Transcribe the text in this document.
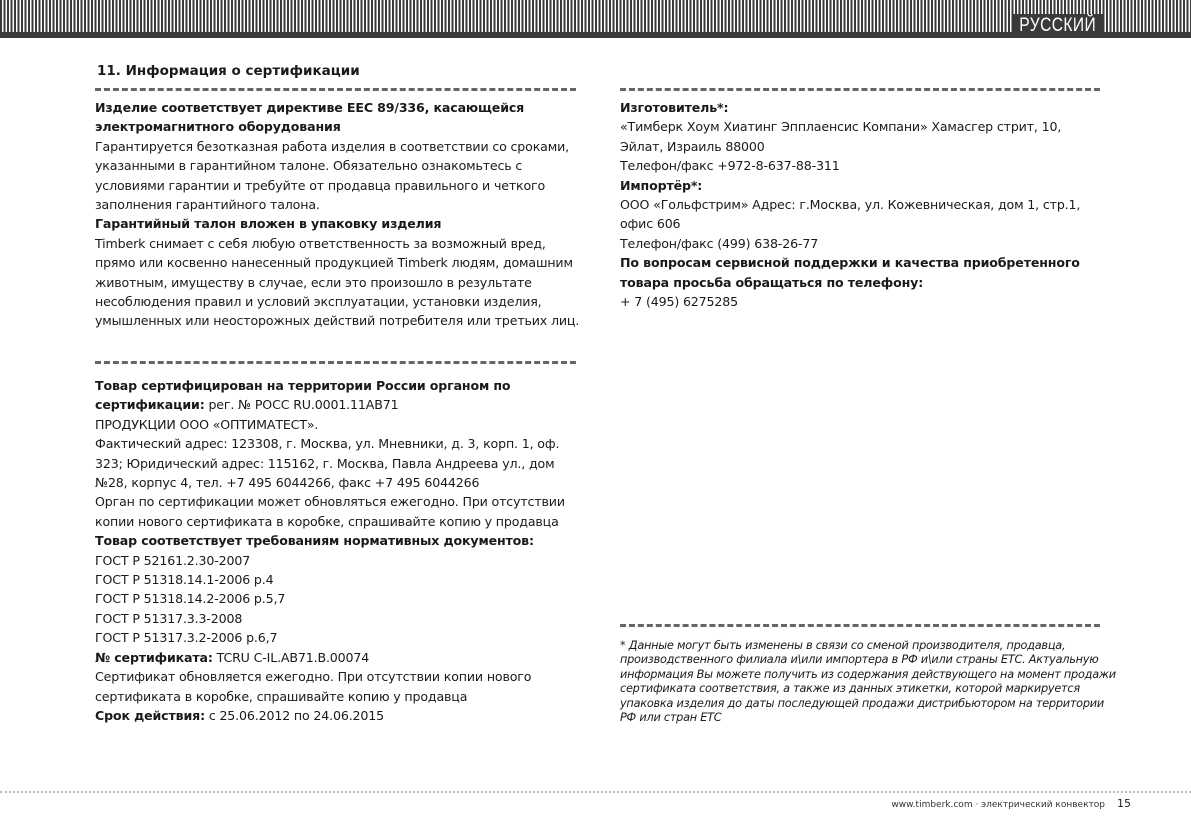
РУССКИЙ
11. Информация о сертификации

Изделие соответствует директиве EEC 89/336, касающейся электромагнитного оборудования

Гарантируется безотказная работа изделия в соответствии со сроками, указанными в гарантийном талоне. Обязательно ознакомьтесь с условиями гарантии и требуйте от продавца правильного и четкого заполнения гарантийного талона.

Гарантийный талон вложен в упаковку изделия

Timberk снимает с себя любую ответственность за возможный вред, прямо или косвенно нанесенный продукцией Timberk людям, домашним животным, имуществу в случае, если это произошло в результате несоблюдения правил и условий эксплуатации, установки изделия, умышленных или неосторожных действий потребителя или третьих лиц.

Товар сертифицирован на территории России органом по сертификации: рег. № РОСС RU.0001.11АВ71

ПРОДУКЦИИ ООО «ОПТИМАТЕСТ».

Фактический адрес: 123308, г. Москва, ул. Мневники, д. 3, корп. 1, оф. 323; Юридический адрес: 115162, г. Москва, Павла Андреева ул., дом №28, корпус 4, тел. +7 495 6044266, факс +7 495 6044266

Орган по сертификации может обновляться ежегодно. При отсутствии копии нового сертификата в коробке, спрашивайте копию у продавца

Товар соответствует требованиям нормативных документов:

ГОСТ Р 52161.2.30-2007

ГОСТ Р 51318.14.1-2006 р.4

ГОСТ Р 51318.14.2-2006 р.5,7

ГОСТ Р 51317.3.3-2008

ГОСТ Р 51317.3.2-2006 р.6,7

№ сертификата: TCRU C-IL.AB71.B.00074

Сертификат обновляется ежегодно. При отсутствии копии нового сертификата в коробке, спрашивайте копию у продавца

Срок действия: с 25.06.2012 по 24.06.2015

Изготовитель*:

«Тимберк Хоум Хиатинг Эпплаенсис Компани» Хамасгер стрит, 10, Эйлат, Израиль 88000

Телефон/факс +972-8-637-88-311

Импортёр*:

ООО «Гольфстрим» Адрес: г.Москва, ул. Кожевническая, дом 1, стр.1, офис 606

Телефон/факс (499) 638-26-77

По вопросам сервисной поддержки и качества приобретенного товара просьба обращаться по телефону:

+ 7 (495) 6275285

* Данные могут быть изменены в связи со сменой производителя, продавца, производственного филиала и\или импортера в РФ и\или страны ЕТС. Актуальную информация Вы можете получить из содержания действующего на момент продажи сертификата соответствия, а также из данных этикетки, которой маркируется упаковка изделия до даты последующей продажи дистрибьютором на территории РФ или стран ЕТС

www.timberk.com · электрический конвектор 15
